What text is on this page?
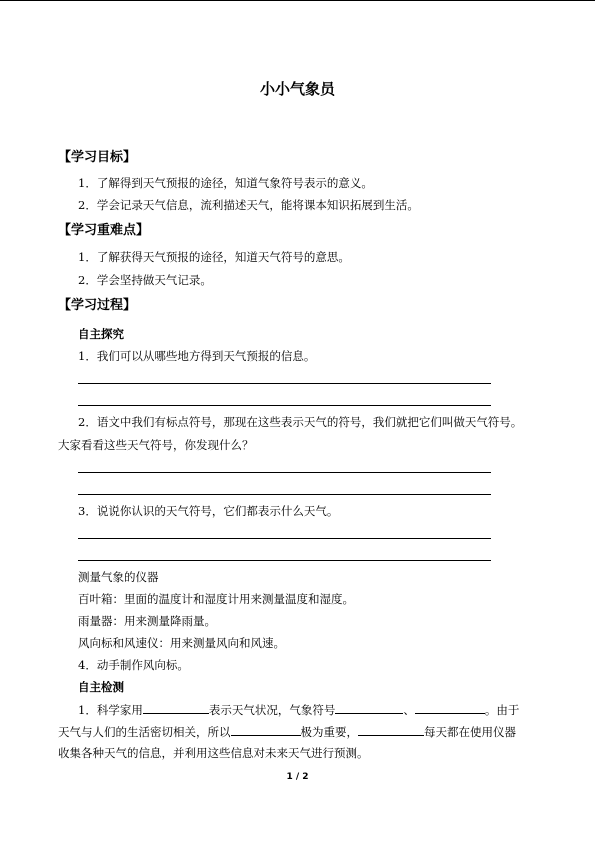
小小气象员
【学习目标】
1．了解得到天气预报的途径，知道气象符号表示的意义。
2．学会记录天气信息，流利描述天气，能将课本知识拓展到生活。
【学习重难点】
1．了解获得天气预报的途径，知道天气符号的意思。
2．学会坚持做天气记录。
【学习过程】
自主探究
1．我们可以从哪些地方得到天气预报的信息。
2．语文中我们有标点符号，那现在这些表示天气的符号，我们就把它们叫做天气符号。
大家看看这些天气符号，你发现什么？
3．说说你认识的天气符号，它们都表示什么天气。
测量气象的仪器
百叶箱：里面的温度计和湿度计用来测量温度和湿度。
雨量器：用来测量降雨量。
风向标和风速仪：用来测量风向和风速。
4．动手制作风向标。
自主检测
1．科学家用	表示天气状况，气象符号	、	。由于
天气与人们的生活密切相关，所以	极为重要，	每天都在使用仪器
收集各种天气的信息，并利用这些信息对未来天气进行预测。
1 / 2
